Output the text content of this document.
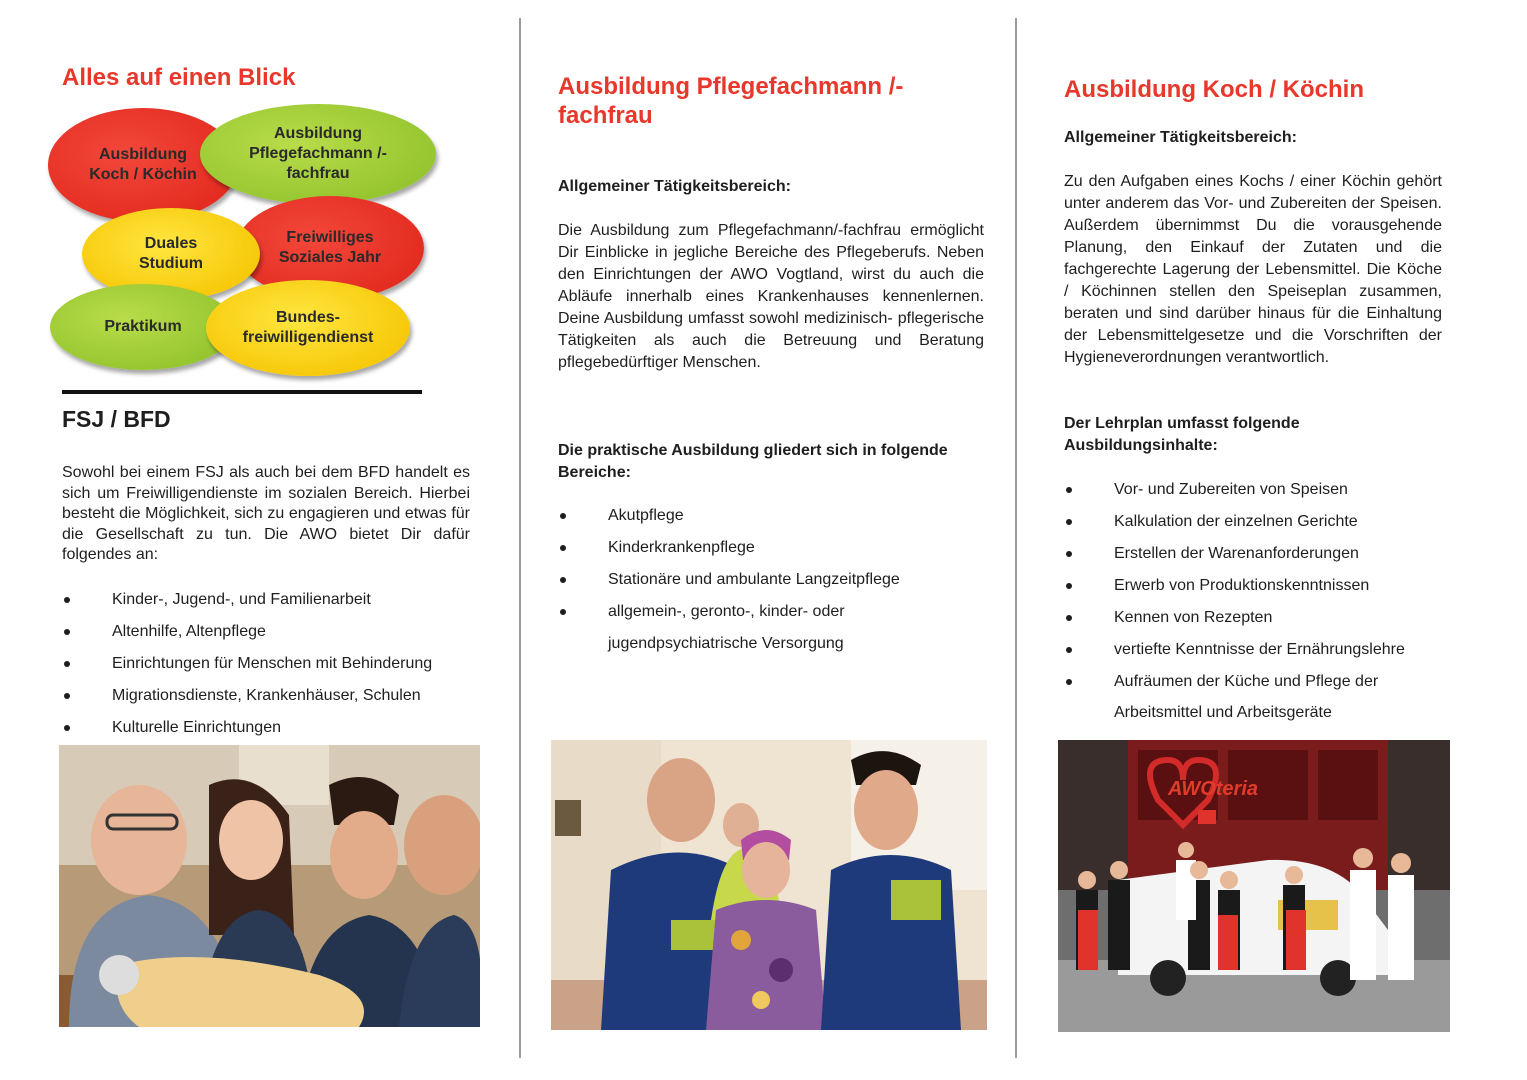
Alles auf einen Blick
Ausbildung Koch / Köchin
Ausbildung Pflegefachmann /-fachfrau
Freiwilliges Soziales Jahr
Duales Studium
Praktikum
Bundes- freiwilligendienst
FSJ / BFD

Sowohl bei einem FSJ als auch bei dem BFD handelt es sich um Freiwilligendienste im sozialen Bereich. Hierbei besteht die Möglichkeit, sich zu engagieren und etwas für die Gesellschaft zu tun. Die AWO bietet Dir dafür folgendes an:

Kinder-, Jugend-, und Familienarbeit
Altenhilfe, Altenpflege
Einrichtungen für Menschen mit Behinderung
Migrationsdienste, Krankenhäuser, Schulen
Kulturelle Einrichtungen
Ausbildung Pflegefachmann /-fachfrau

Allgemeiner Tätigkeitsbereich:

Die Ausbildung zum Pflegefachmann/-fachfrau ermöglicht Dir Einblicke in jegliche Bereiche des Pflegeberufs. Neben den Einrichtungen der AWO Vogtland, wirst du auch die Abläufe innerhalb eines Krankenhauses kennenlernen. Deine Ausbildung umfasst sowohl medizinisch- pflegerische Tätigkeiten als auch die Betreuung und Beratung pflegebedürftiger Menschen.

Die praktische Ausbildung gliedert sich in folgende Bereiche:

Akutpflege
Kinderkrankenpflege
Stationäre und ambulante Langzeitpflege
allgemein-, geronto-, kinder- oder jugendpsychiatrische Versorgung
Ausbildung Koch / Köchin

Allgemeiner Tätigkeitsbereich:

Zu den Aufgaben eines Kochs / einer Köchin gehört unter anderem das Vor- und Zubereiten der Speisen. Außerdem übernimmst Du die vorausgehende Planung, den Einkauf der Zutaten und die fachgerechte Lagerung der Lebensmittel. Die Köche / Köchinnen stellen den Speiseplan zusammen, beraten und sind darüber hinaus für die Einhaltung der Lebensmittelgesetze und die Vorschriften der Hygieneverordnungen verantwortlich.

Der Lehrplan umfasst folgende Ausbildungsinhalte:

Vor- und Zubereiten von Speisen
Kalkulation der einzelnen Gerichte
Erstellen der Warenanforderungen
Erwerb von Produktionskenntnissen
Kennen von Rezepten
vertiefte Kenntnisse der Ernährungslehre
Aufräumen der Küche und Pflege der Arbeitsmittel und Arbeitsgeräte
AWOteria
